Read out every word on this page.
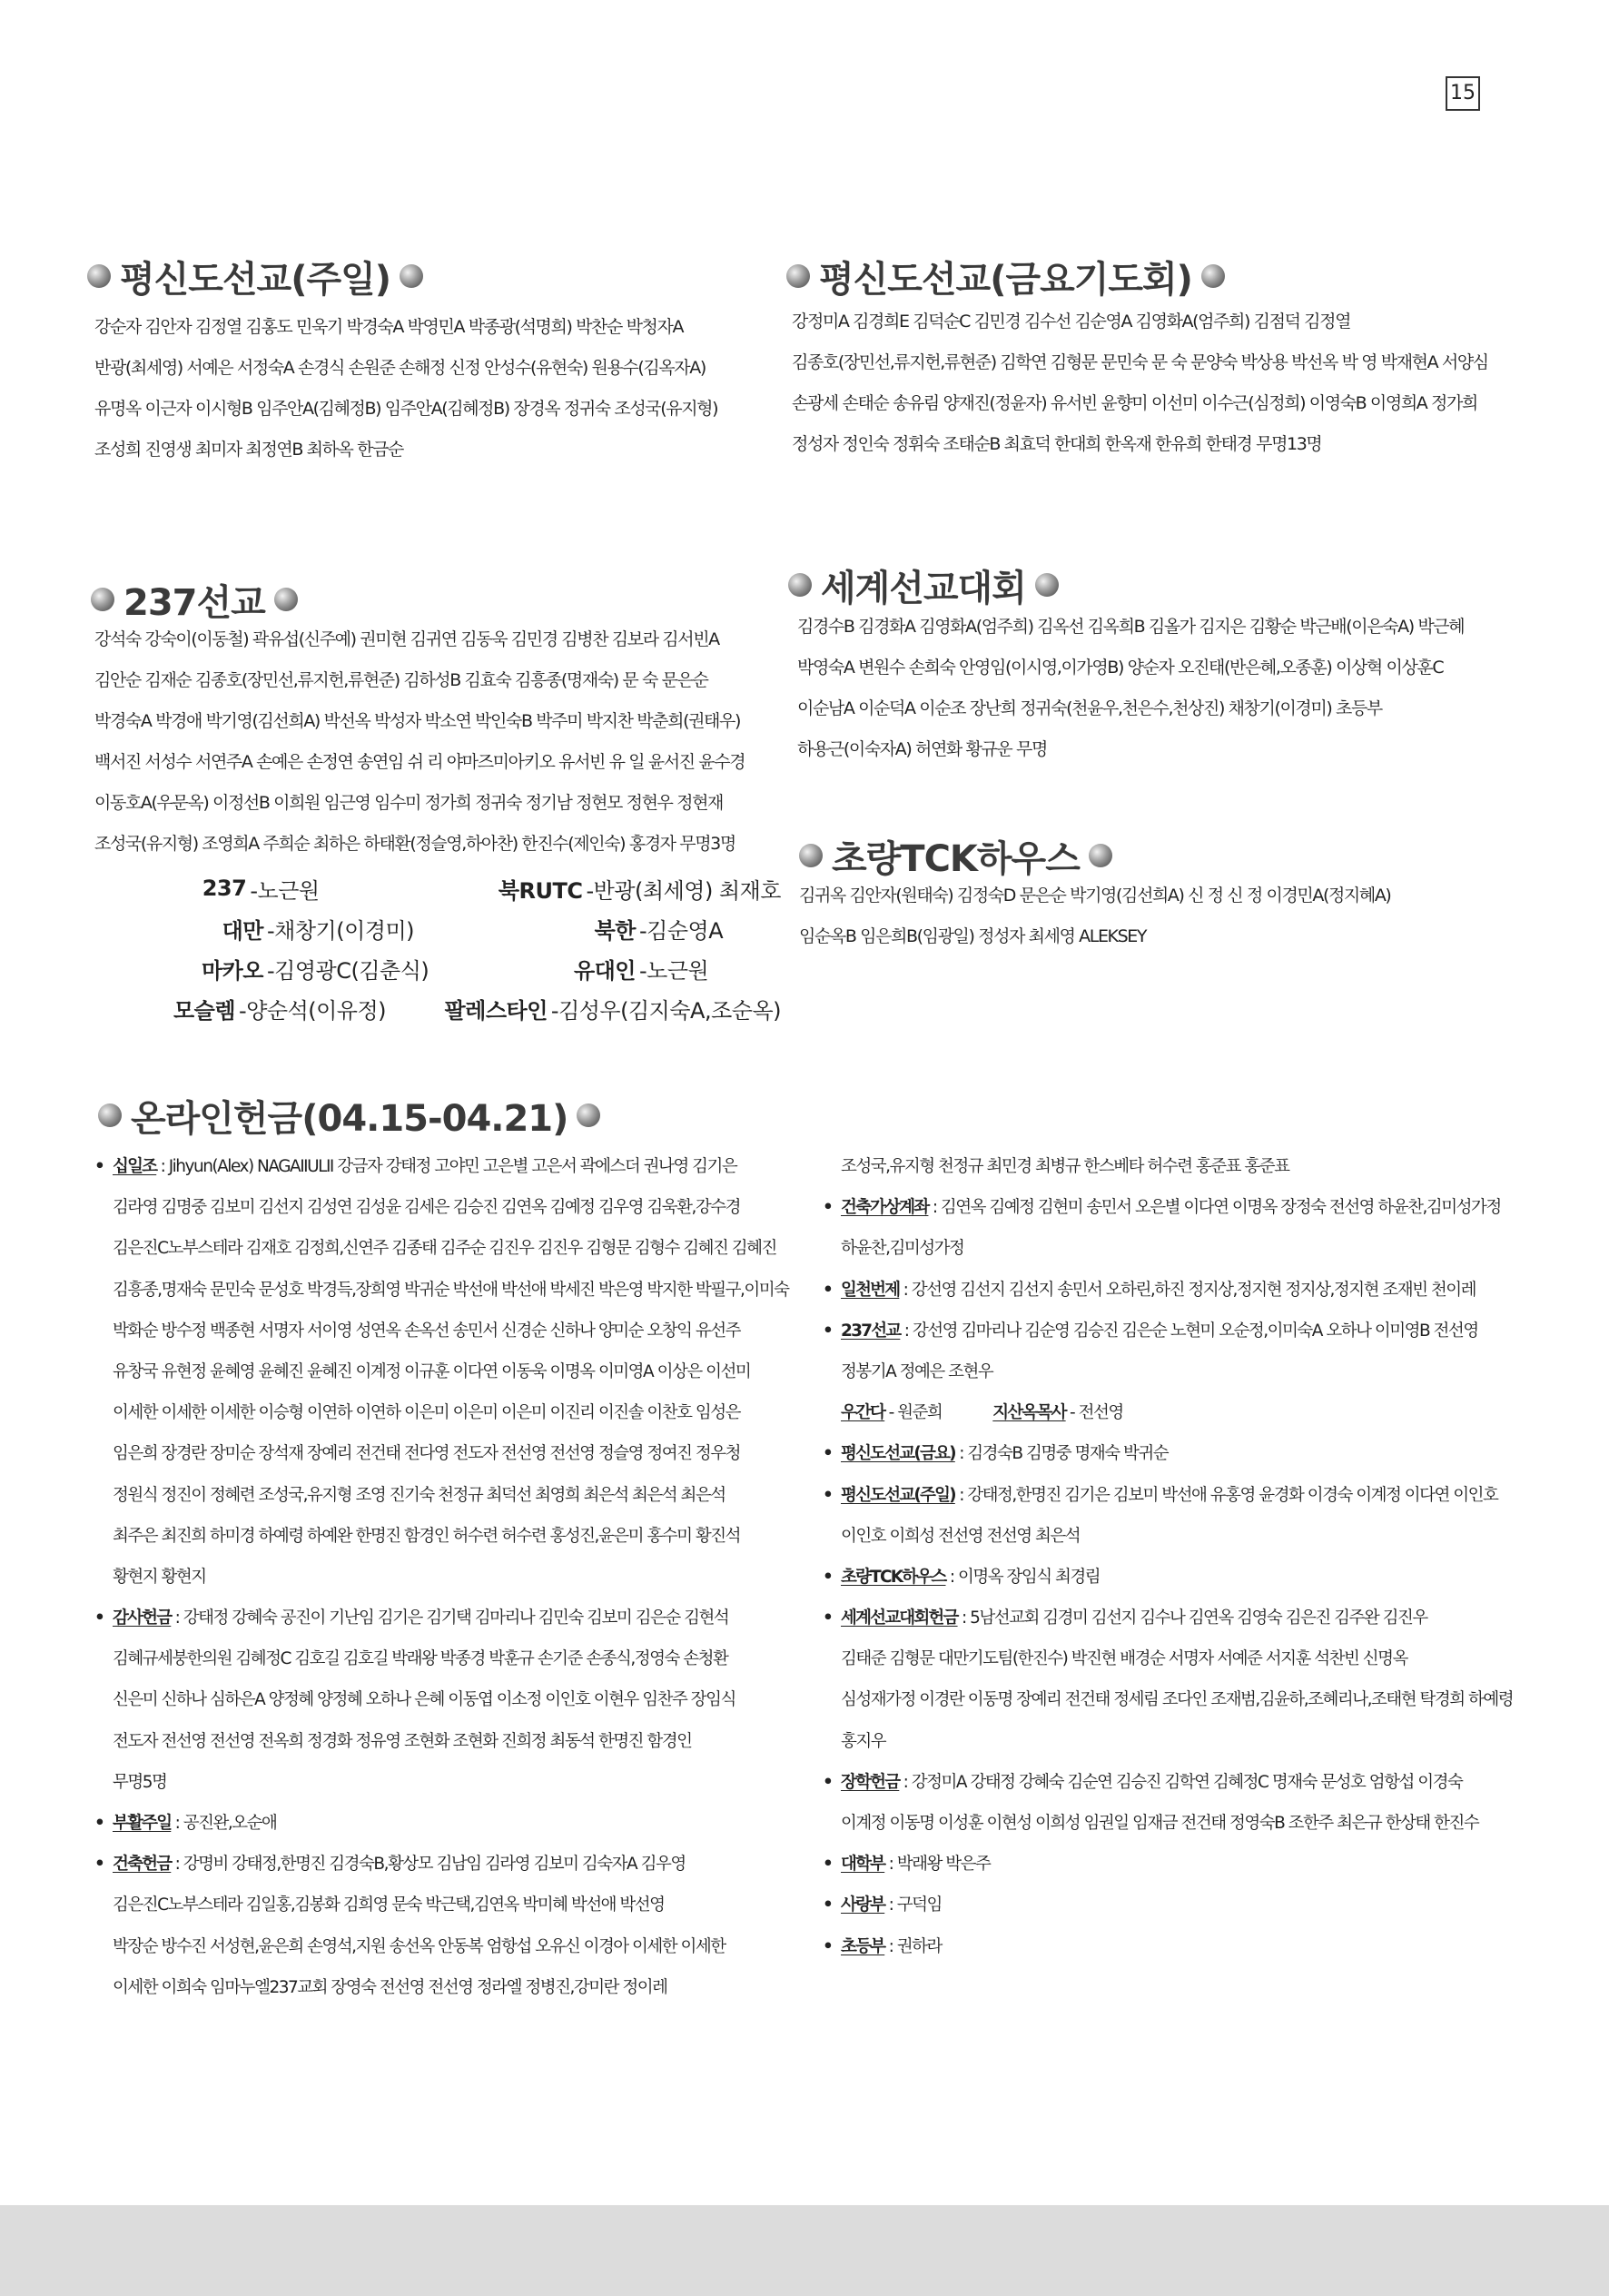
15
평신도선교(주일)
강순자 김안자 김정열 김홍도 민욱기 박경숙A 박영민A 박종광(석명희) 박찬순 박청자A
반광(최세영) 서예은 서정숙A 손경식 손원준 손해정 신정 안성수(유현숙) 원용수(김옥자A)
유명옥 이근자 이시형B 임주안A(김혜정B) 임주안A(김혜정B) 장경옥 정귀숙 조성국(유지형)
조성희 진영생 최미자 최정연B 최하옥 한금순
평신도선교(금요기도회)
강정미A 김경희E 김덕순C 김민경 김수선 김순영A 김영화A(엄주희) 김점덕 김정열
김종호(장민선,류지헌,류현준) 김학연 김형문 문민숙 문 숙 문양숙 박상용 박선옥 박 영 박재현A 서양심
손광세 손태순 송유림 양재진(정윤자) 유서빈 윤향미 이선미 이수근(심정희) 이영숙B 이영희A 정가희
정성자 정인숙 정휘숙 조태순B 최효덕 한대희 한옥재 한유희 한태경 무명13명
237선교
강석숙 강숙이(이동철) 곽유섭(신주예) 권미현 김귀연 김동욱 김민경 김병찬 김보라 김서빈A
김안순 김재순 김종호(장민선,류지헌,류현준) 김하성B 김효숙 김흥종(명재숙) 문 숙 문은순
박경숙A 박경애 박기영(김선희A) 박선옥 박성자 박소연 박인숙B 박주미 박지찬 박춘희(권태우)
백서진 서성수 서연주A 손예은 손정연 송연임 쉬 리 야마즈미아키오 유서빈 유 일 윤서진 윤수경
이동호A(우문옥) 이정선B 이희원 임근영 임수미 정가희 정귀숙 정기남 정현모 정현우 정현재
조성국(유지형) 조영희A 주희순 최하은 하태환(정슬영,하아찬) 한진수(제인숙) 홍경자 무명3명
237 -노근원	북RUTC -반광(최세영) 최재호
대만 -채창기(이경미)	북한 -김순영A
마카오 -김영광C(김춘식)	유대인 -노근원
모슬렘 -양순석(이유정)	팔레스타인 -김성우(김지숙A,조순옥)
세계선교대회
김경수B 김경화A 김영화A(엄주희) 김옥선 김옥희B 김올가 김지은 김황순 박근배(이은숙A) 박근혜
박영숙A 변원수 손희숙 안영임(이시영,이가영B) 양순자 오진태(반은혜,오종훈) 이상혁 이상훈C
이순남A 이순덕A 이순조 장난희 정귀숙(천윤우,천은수,천상진) 채창기(이경미) 초등부
하용근(이숙자A) 허연화 황규운 무명
초량TCK하우스
김귀옥 김안자(원태숙) 김정숙D 문은순 박기영(김선희A) 신 정 신 정 이경민A(정지혜A)
임순옥B 임은희B(임광일) 정성자 최세영 ALEKSEY
온라인헌금(04.15-04.21)
• 십일조 : Jihyun(Alex) NAGAIIULII 강금자 강태정 고야민 고은별 고은서 곽에스더 권나영 김기은
김라영 김명중 김보미 김선지 김성연 김성윤 김세은 김승진 김연옥 김예정 김우영 김욱환,강수경
김은진C노부스테라 김재호 김정희,신연주 김종태 김주순 김진우 김진우 김형문 김형수 김혜진 김혜진
김흥종,명재숙 문민숙 문성호 박경득,장희영 박귀순 박선애 박선애 박세진 박은영 박지한 박필구,이미숙
박화순 방수정 백종현 서명자 서이영 성연옥 손옥선 송민서 신경순 신하나 양미순 오창익 유선주
유창국 유현정 윤혜영 윤혜진 윤혜진 이계정 이규훈 이다연 이동욱 이명옥 이미영A 이상은 이선미
이세한 이세한 이세한 이승형 이연하 이연하 이은미 이은미 이은미 이진리 이진솔 이찬호 임성은
임은희 장경란 장미순 장석재 장예리 전건태 전다영 전도자 전선영 전선영 정슬영 정여진 정우청
정원식 정진이 정혜련 조성국,유지형 조영 진기숙 천정규 최덕선 최영희 최은석 최은석 최은석
최주은 최진희 하미경 하예령 하예완 한명진 함경인 허수련 허수련 홍성진,윤은미 홍수미 황진석
황현지 황현지
• 감사헌금 : 강태정 강혜숙 공진이 기난임 김기은 김기택 김마리나 김민숙 김보미 김은순 김현석
김혜규세붕한의원 김혜정C 김호길 김호길 박래왕 박종경 박훈규 손기준 손종식,정영숙 손청환
신은미 신하나 심하은A 양정혜 양정혜 오하나 은혜 이동엽 이소정 이인호 이현우 임찬주 장임식
전도자 전선영 전선영 전옥희 정경화 정유영 조현화 조현화 진희정 최동석 한명진 함경인
무명5명
• 부활주일 : 공진완,오순애
• 건축헌금 : 강명비 강태정,한명진 김경숙B,황상모 김남임 김라영 김보미 김숙자A 김우영
김은진C노부스테라 김일홍,김봉화 김희영 문숙 박근택,김연옥 박미혜 박선애 박선영
박장순 방수진 서성현,윤은희 손영석,지원 송선옥 안동복 엄항섭 오유신 이경아 이세한 이세한
이세한 이희숙 임마누엘237교회 장영숙 전선영 전선영 정라엘 정병진,강미란 정이레
조성국,유지형 천정규 최민경 최병규 한스베타 허수련 홍준표 홍준표
• 건축가상계좌 : 김연옥 김예정 김현미 송민서 오은별 이다연 이명옥 장정숙 전선영 하윤찬,김미성가정
하윤찬,김미성가정
• 일천번제 : 강선영 김선지 김선지 송민서 오하린,하진 정지상,정지현 정지상,정지현 조재빈 천이레
• 237선교 : 강선영 김마리나 김순영 김승진 김은순 노현미 오순정,이미숙A 오하나 이미영B 전선영
정봉기A 정예은 조현우
우간다 - 원준희	지산옥목사 - 전선영
• 평신도선교(금요) : 김경숙B 김명중 명재숙 박귀순
• 평신도선교(주일) : 강태정,한명진 김기은 김보미 박선애 유홍영 윤경화 이경숙 이계정 이다연 이인호
이인호 이희성 전선영 전선영 최은석
• 초량TCK하우스 : 이명옥 장임식 최경림
• 세계선교대회헌금 : 5남선교회 김경미 김선지 김수나 김연옥 김영숙 김은진 김주완 김진우
김태준 김형문 대만기도팀(한진수) 박진현 배경순 서명자 서예준 서지훈 석찬빈 신명옥
심성재가정 이경란 이동명 장예리 전건태 정세림 조다인 조재범,김윤하,조혜리나,조태현 탁경희 하예령
홍지우
• 장학헌금 : 강정미A 강태정 강혜숙 김순연 김승진 김학연 김혜정C 명재숙 문성호 엄항섭 이경숙
이계정 이동명 이성훈 이현성 이희성 임권일 임재금 전건태 정영숙B 조한주 최은규 한상태 한진수
• 대학부 : 박래왕 박은주
• 사랑부 : 구덕임
• 초등부 : 권하라
